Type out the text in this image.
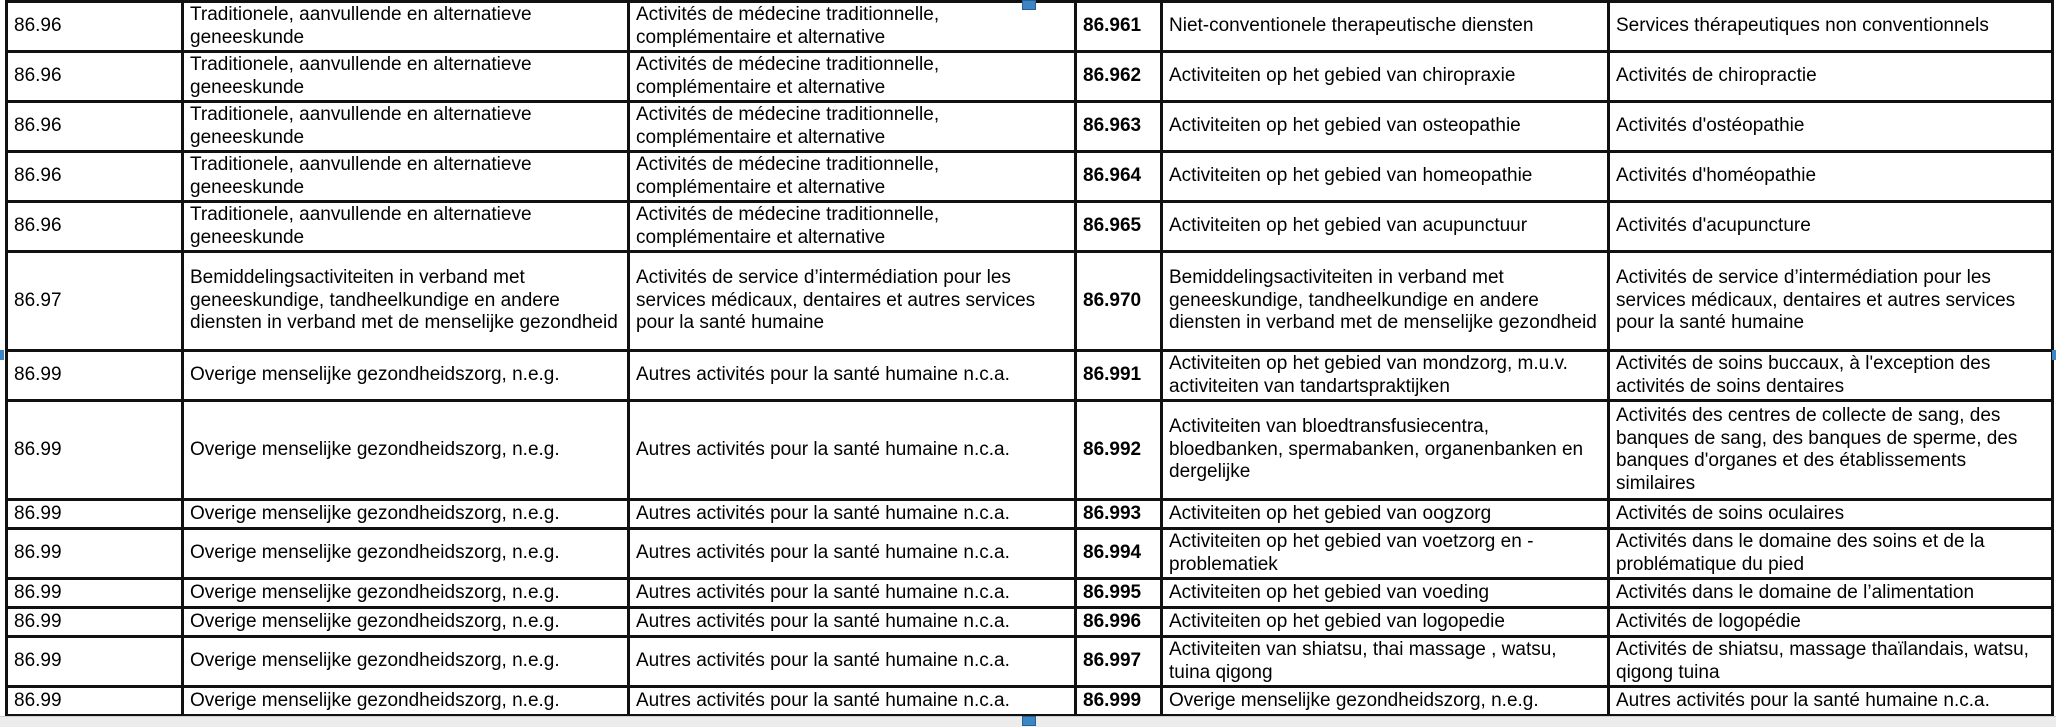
86.96	Traditionele, aanvullende en alternatieve geneeskunde	Activités de médecine traditionnelle, complémentaire et alternative	86.961	Niet-conventionele therapeutische diensten	Services thérapeutiques non conventionnels
86.96	Traditionele, aanvullende en alternatieve geneeskunde	Activités de médecine traditionnelle, complémentaire et alternative	86.962	Activiteiten op het gebied van chiropraxie	Activités de chiropractie
86.96	Traditionele, aanvullende en alternatieve geneeskunde	Activités de médecine traditionnelle, complémentaire et alternative	86.963	Activiteiten op het gebied van osteopathie	Activités d'ostéopathie
86.96	Traditionele, aanvullende en alternatieve geneeskunde	Activités de médecine traditionnelle, complémentaire et alternative	86.964	Activiteiten op het gebied van homeopathie	Activités d'homéopathie
86.96	Traditionele, aanvullende en alternatieve geneeskunde	Activités de médecine traditionnelle, complémentaire et alternative	86.965	Activiteiten op het gebied van acupunctuur	Activités d'acupuncture
86.97	Bemiddelingsactiviteiten in verband met geneeskundige, tandheelkundige en andere diensten in verband met de menselijke gezondheid	Activités de service d’intermédiation pour les services médicaux, dentaires et autres services pour la santé humaine	86.970	Bemiddelingsactiviteiten in verband met geneeskundige, tandheelkundige en andere diensten in verband met de menselijke gezondheid	Activités de service d’intermédiation pour les services médicaux, dentaires et autres services pour la santé humaine
86.99	Overige menselijke gezondheidszorg, n.e.g.	Autres activités pour la santé humaine n.c.a.	86.991	Activiteiten op het gebied van mondzorg, m.u.v. activiteiten van tandartspraktijken	Activités de soins buccaux, à l'exception des activités de soins dentaires
86.99	Overige menselijke gezondheidszorg, n.e.g.	Autres activités pour la santé humaine n.c.a.	86.992	Activiteiten van bloedtransfusiecentra, bloedbanken, spermabanken, organenbanken en dergelijke	Activités des centres de collecte de sang, des banques de sang, des banques de sperme, des banques d'organes et des établissements similaires
86.99	Overige menselijke gezondheidszorg, n.e.g.	Autres activités pour la santé humaine n.c.a.	86.993	Activiteiten op het gebied van oogzorg	Activités de soins oculaires
86.99	Overige menselijke gezondheidszorg, n.e.g.	Autres activités pour la santé humaine n.c.a.	86.994	Activiteiten op het gebied van voetzorg en -problematiek	Activités dans le domaine des soins et de la problématique du pied
86.99	Overige menselijke gezondheidszorg, n.e.g.	Autres activités pour la santé humaine n.c.a.	86.995	Activiteiten op het gebied van voeding	Activités dans le domaine de l’alimentation
86.99	Overige menselijke gezondheidszorg, n.e.g.	Autres activités pour la santé humaine n.c.a.	86.996	Activiteiten op het gebied van logopedie	Activités de logopédie
86.99	Overige menselijke gezondheidszorg, n.e.g.	Autres activités pour la santé humaine n.c.a.	86.997	Activiteiten van shiatsu, thai massage , watsu, tuina qigong	Activités de shiatsu, massage thaïlandais, watsu, qigong tuina
86.99	Overige menselijke gezondheidszorg, n.e.g.	Autres activités pour la santé humaine n.c.a.	86.999	Overige menselijke gezondheidszorg, n.e.g.	Autres activités pour la santé humaine n.c.a.
